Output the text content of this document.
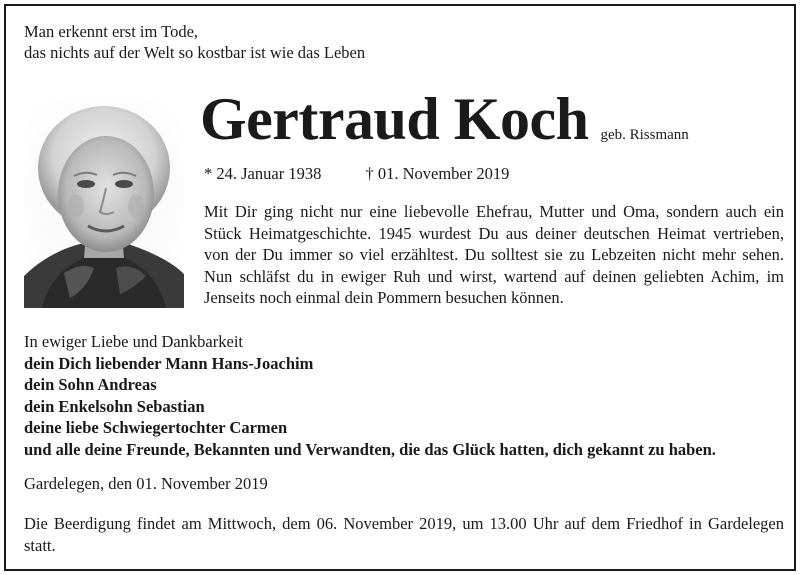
Man erkennt erst im Tode,
das nichts auf der Welt so kostbar ist wie das Leben
Gertraud Koch geb. Rissmann
* 24. Januar 1938	† 01. November 2019
Mit Dir ging nicht nur eine liebevolle Ehefrau, Mutter und Oma, sondern auch ein Stück Heimatgeschichte. 1945 wurdest Du aus deiner deutschen Heimat vertrieben, von der Du immer so viel erzähltest. Du solltest sie zu Lebzeiten nicht mehr sehen. Nun schläfst du in ewiger Ruh und wirst, wartend auf deinen geliebten Achim, im Jenseits noch einmal dein Pommern besuchen können.
In ewiger Liebe und Dankbarkeit
dein Dich liebender Mann Hans-Joachim
dein Sohn Andreas
dein Enkelsohn Sebastian
deine liebe Schwiegertochter Carmen
und alle deine Freunde, Bekannten und Verwandten, die das Glück hatten, dich gekannt zu haben.
Gardelegen, den 01. November 2019
Die Beerdigung findet am Mittwoch, dem 06. November 2019, um 13.00 Uhr auf dem Friedhof in Gardelegen statt.
